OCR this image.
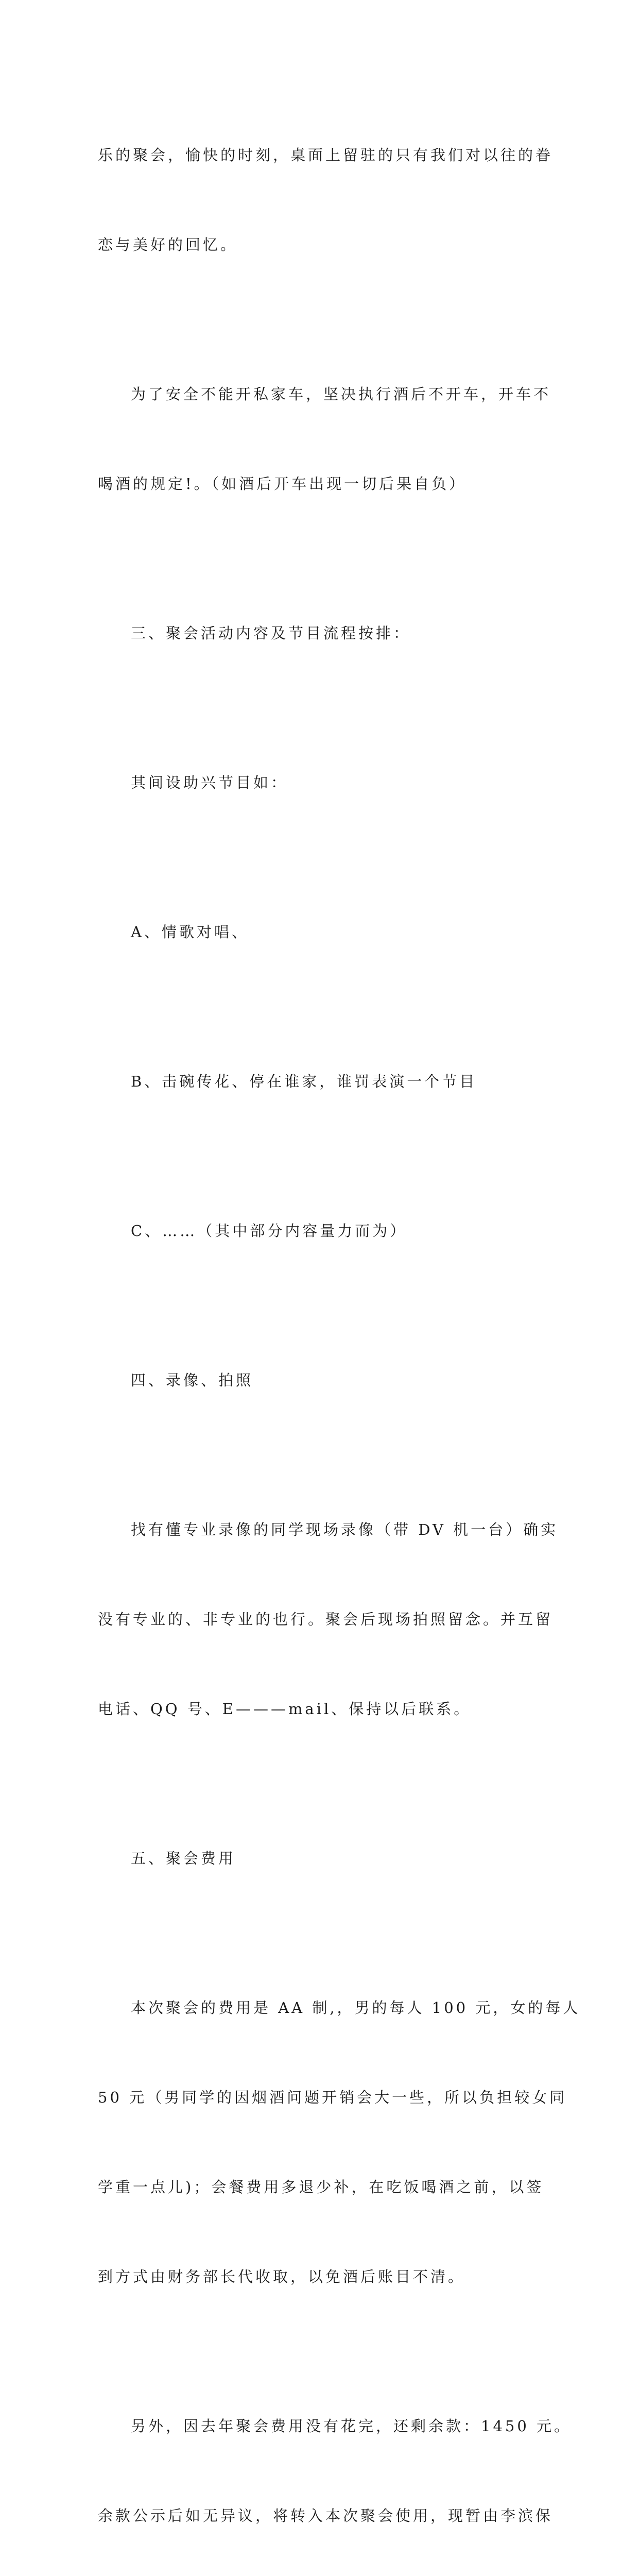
乐的聚会，愉快的时刻，桌面上留驻的只有我们对以往的眷

恋与美好的回忆。

为了安全不能开私家车，坚决执行酒后不开车，开车不

喝酒的规定!。（如酒后开车出现一切后果自负）

三、聚会活动内容及节目流程按排：

其间设助兴节目如：

A、情歌对唱、

B、击碗传花、停在谁家，谁罚表演一个节目

C、……（其中部分内容量力而为）

四、录像、拍照

找有懂专业录像的同学现场录像（带 DV 机一台）确实

没有专业的、非专业的也行。聚会后现场拍照留念。并互留

电话、QQ 号、E———mail、保持以后联系。

五、聚会费用

本次聚会的费用是 AA 制,，男的每人 100 元，女的每人

50 元（男同学的因烟酒问题开销会大一些，所以负担较女同

学重一点儿)；会餐费用多退少补，在吃饭喝酒之前，以签

到方式由财务部长代收取，以免酒后账目不清。

另外，因去年聚会费用没有花完，还剩余款：1450 元。

余款公示后如无异议，将转入本次聚会使用，现暂由李滨保
